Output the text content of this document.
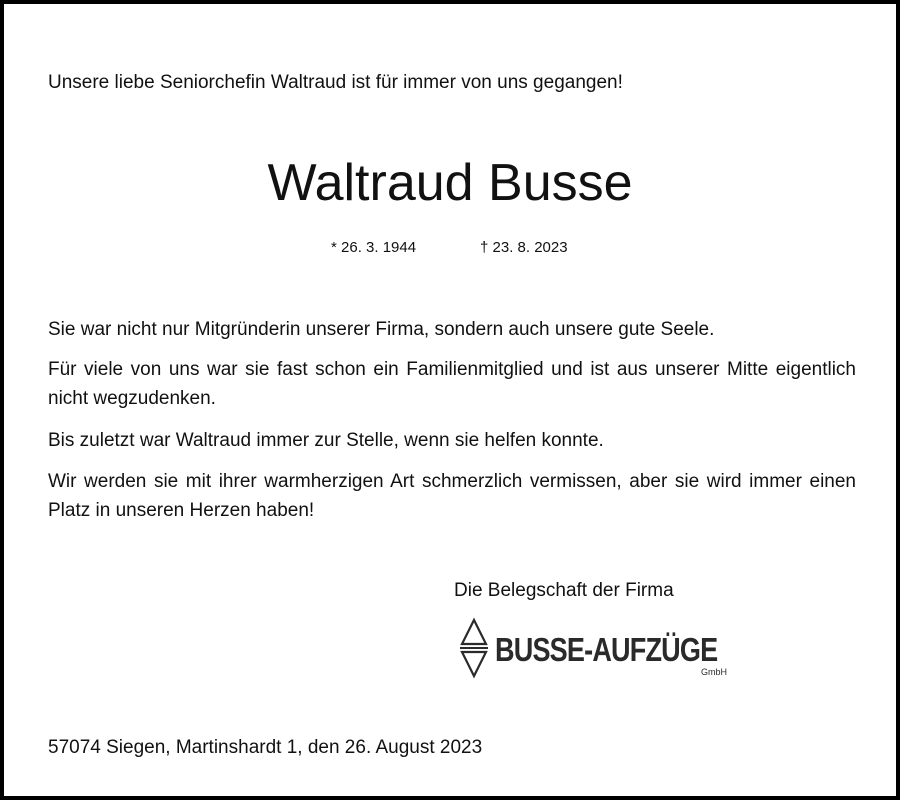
Unsere liebe Seniorchefin Waltraud ist für immer von uns gegangen!
Waltraud Busse
* 26. 3. 1944	† 23. 8. 2023
Sie war nicht nur Mitgründerin unserer Firma, sondern auch unsere gute Seele.
Für viele von uns war sie fast schon ein Familienmitglied und ist aus unserer Mitte eigentlich nicht wegzudenken.
Bis zuletzt war Waltraud immer zur Stelle, wenn sie helfen konnte.
Wir werden sie mit ihrer warmherzigen Art schmerzlich vermissen, aber sie wird immer einen Platz in unseren Herzen haben!
Die Belegschaft der Firma
BUSSE-AUFZÜGE
GmbH
57074 Siegen, Martinshardt 1, den 26. August 2023
